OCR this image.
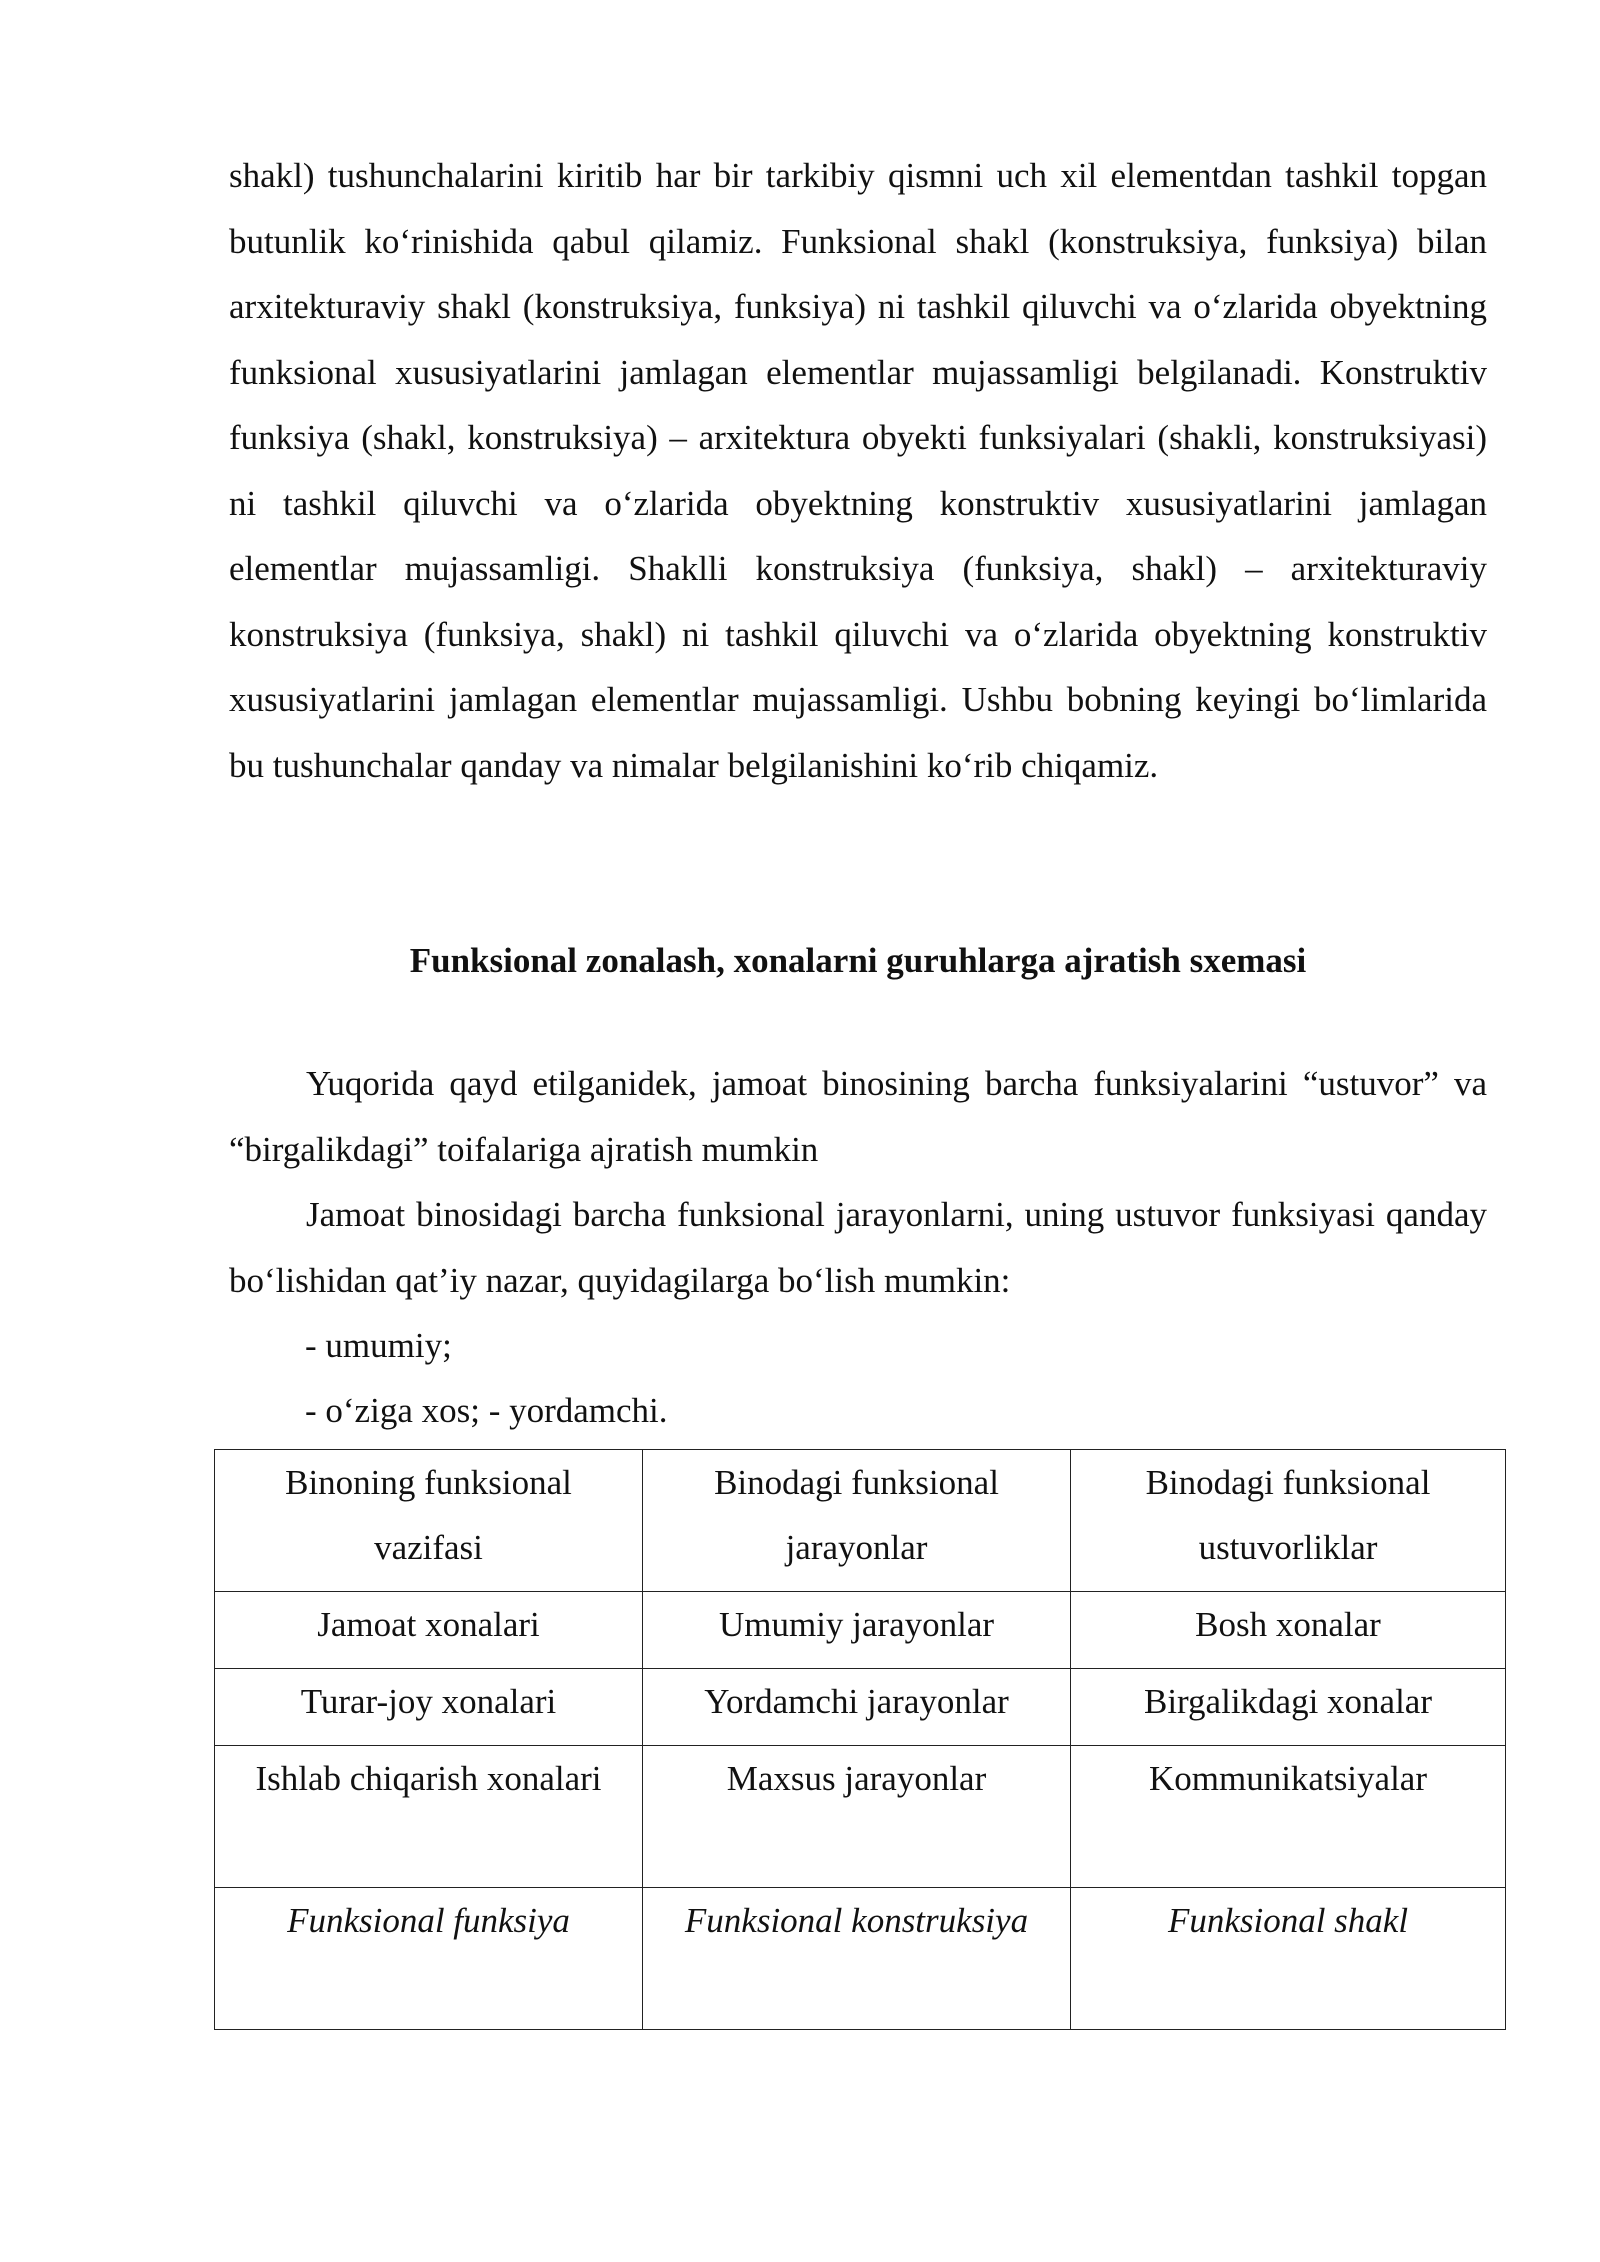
shakl) tushunchalarini kiritib har bir tarkibiy qismni uch xil elementdan tashkil topgan butunlik koʻrinishida qabul qilamiz. Funksional shakl (konstruksiya, funksiya) bilan arxitekturaviy shakl (konstruksiya, funksiya) ni tashkil qiluvchi va oʻzlarida obyektning funksional xususiyatlarini jamlagan elementlar mujassamligi belgilanadi. Konstruktiv funksiya (shakl, konstruksiya) – arxitektura obyekti funksiyalari (shakli, konstruksiyasi) ni tashkil qiluvchi va oʻzlarida obyektning konstruktiv xususiyatlarini jamlagan elementlar mujassamligi. Shaklli konstruksiya (funksiya, shakl) – arxitekturaviy konstruksiya (funksiya, shakl) ni tashkil qiluvchi va oʻzlarida obyektning konstruktiv xususiyatlarini jamlagan elementlar mujassamligi. Ushbu bobning keyingi boʻlimlarida bu tushunchalar qanday va nimalar belgilanishini koʻrib chiqamiz.

Funksional zonalash, xonalarni guruhlarga ajratish sxemasi

Yuqorida qayd etilganidek, jamoat binosining barcha funksiyalarini “ustuvor” va “birgalikdagi” toifalariga ajratish mumkin

Jamoat binosidagi barcha funksional jarayonlarni, uning ustuvor funksiyasi qanday boʻlishidan qat’iy nazar, quyidagilarga boʻlish mumkin:

- umumiy;

- oʻziga xos; - yordamchi.

Binoning funksional vazifasi	Binodagi funksional jarayonlar	Binodagi funksional ustuvorliklar
Jamoat xonalari	Umumiy jarayonlar	Bosh xonalar
Turar-joy xonalari	Yordamchi jarayonlar	Birgalikdagi xonalar
Ishlab chiqarish xonalari	Maxsus jarayonlar	Kommunikatsiyalar
Funksional funksiya	Funksional konstruksiya	Funksional shakl
